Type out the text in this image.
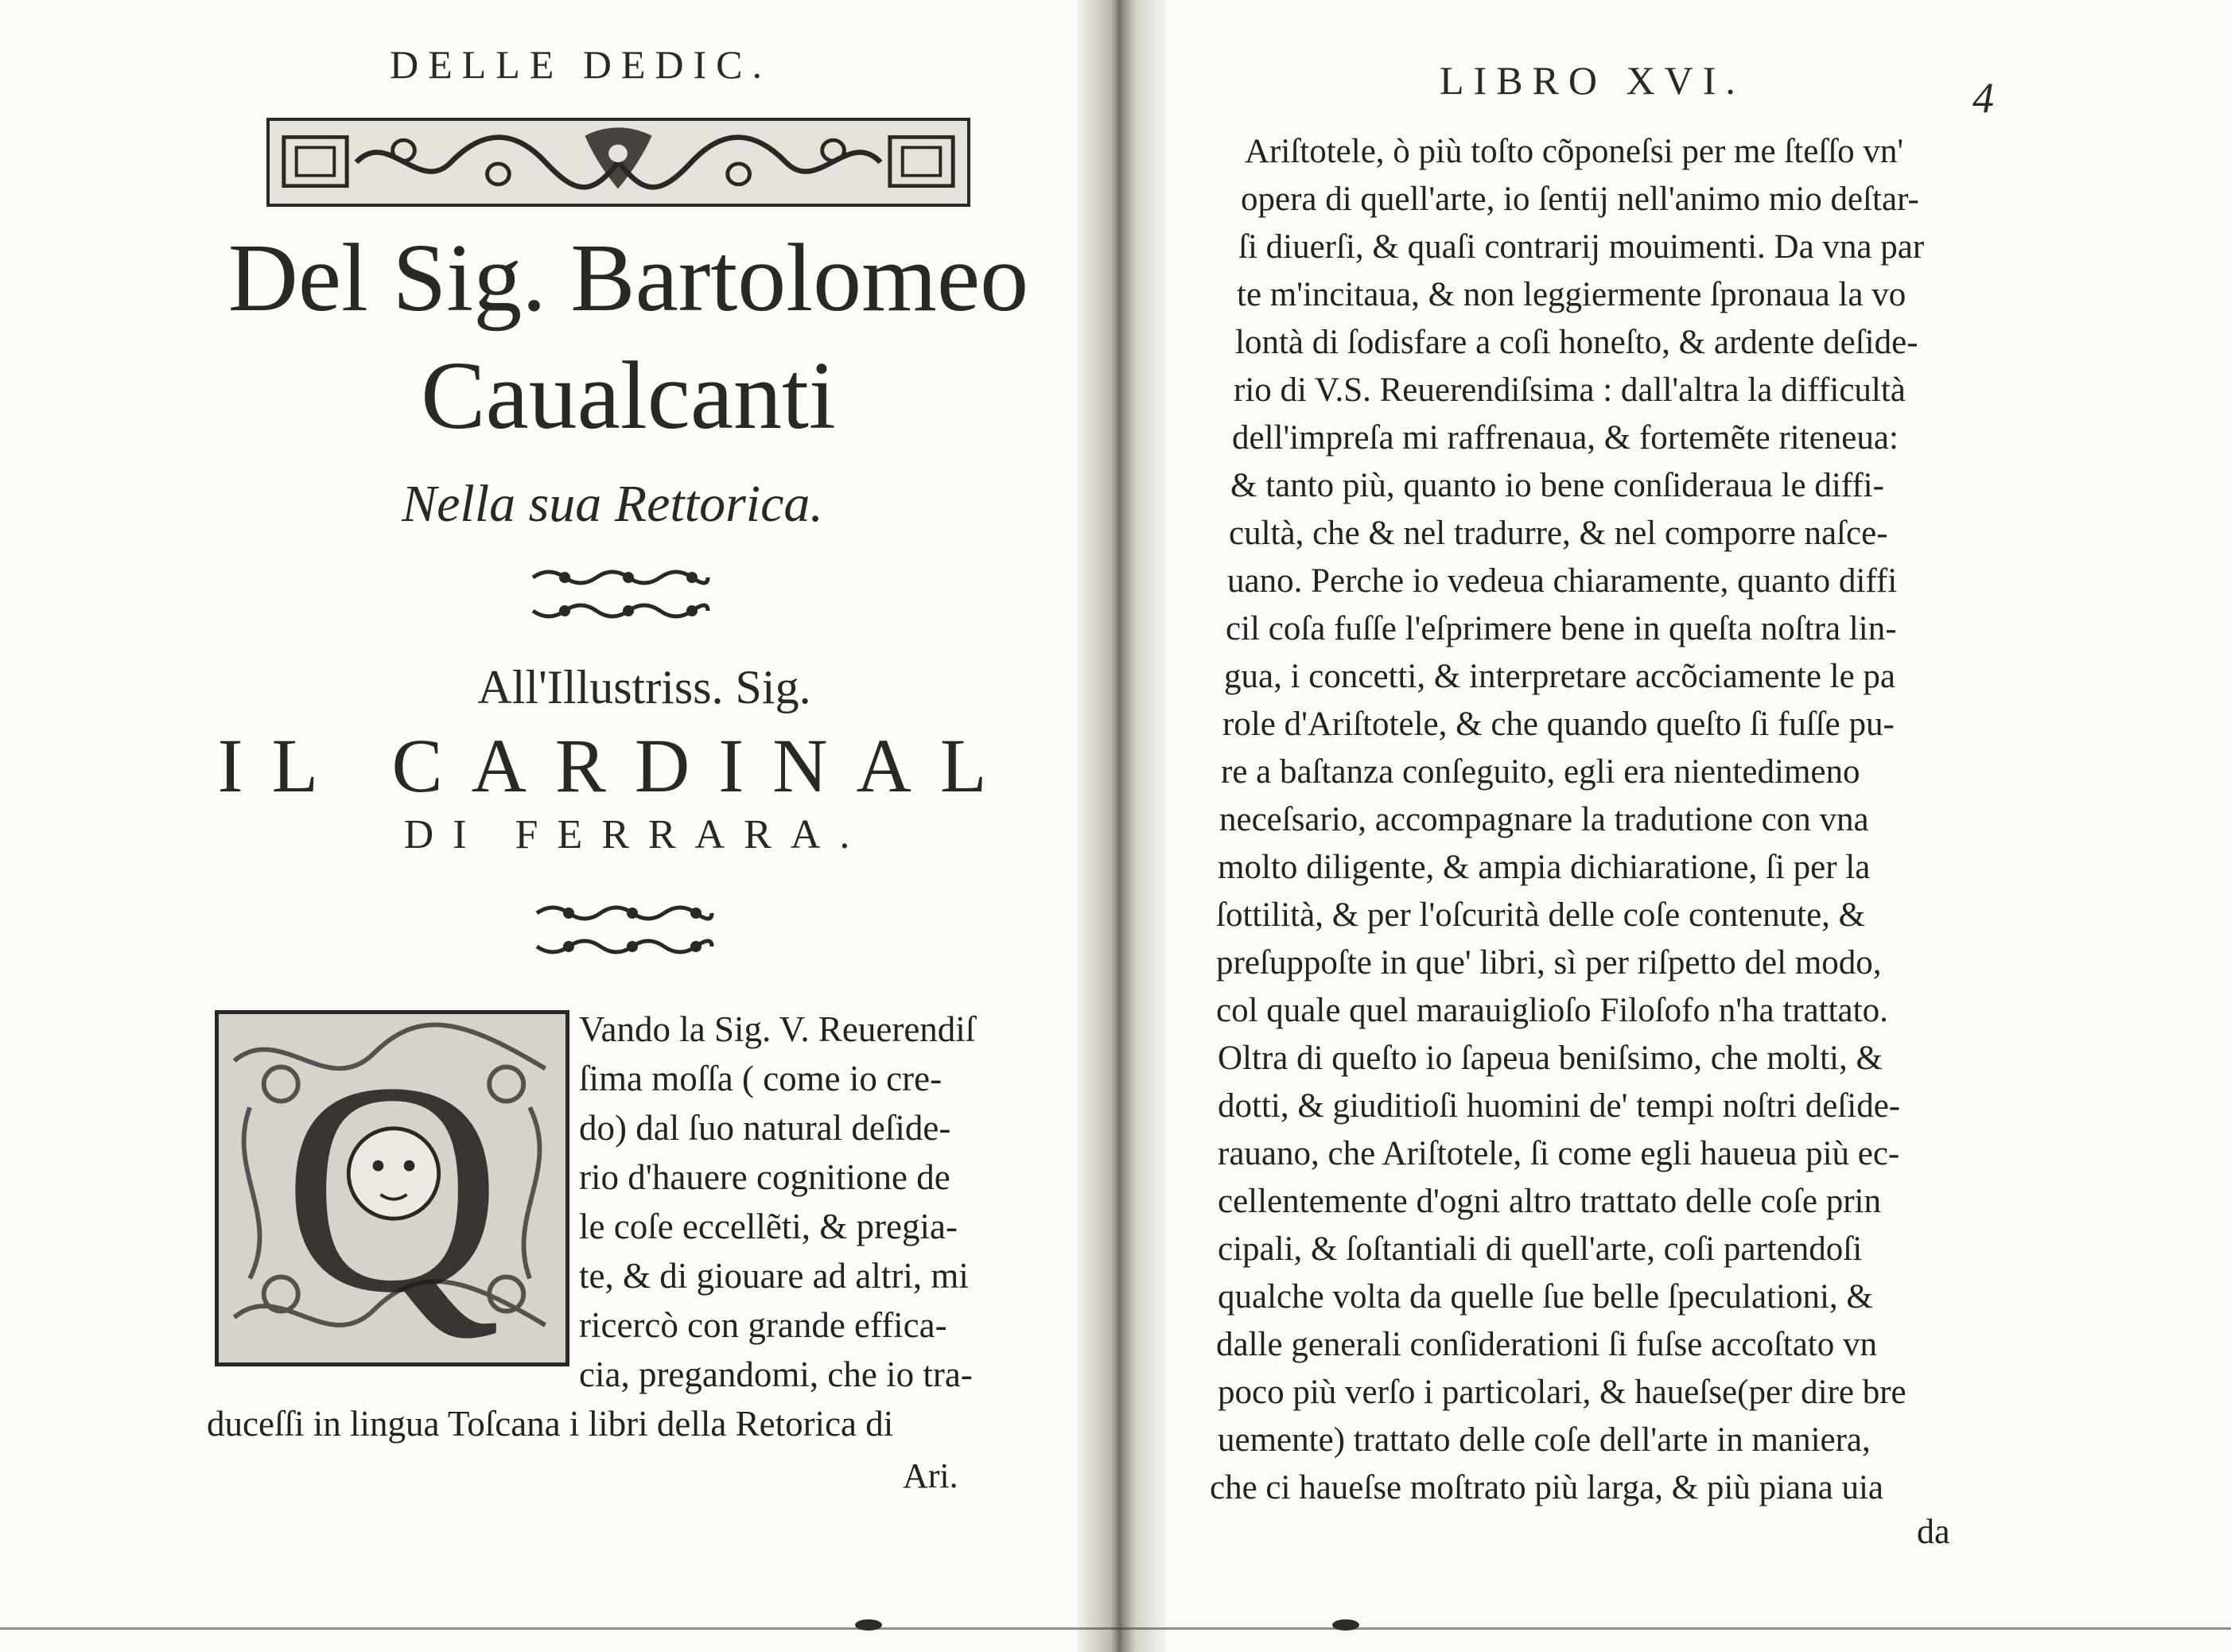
DELLE DEDIC.
Del Sig. Bartolomeo
Caualcanti
Nella sua Rettorica.
All'Illustriss. Sig.
IL CARDINAL
DI FERRARA.
Q	Vando la Sig. V. Reuerendiſ
ſima moſſa ( come io cre-
do) dal ſuo natural deſide-
rio d'hauere cognitione de
le coſe eccellẽti, & pregia-
te, & di giouare ad altri, mi
ricercò con grande effica-
cia, pregandomi, che io tra-
duceſſi in lingua Toſcana i libri della Retorica di
Ari.
LIBRO XVI.	4
Ariſtotele, ò più toſto cõponeſsi per me ſteſſo vn'
opera di quell'arte, io ſentij nell'animo mio deſtar-
ſi diuerſi, & quaſi contrarij mouimenti. Da vna par
te m'incitaua, & non leggiermente ſpronaua la vo
lontà di ſodisfare a coſi honeſto, & ardente deſide-
rio di V.S. Reuerendiſsima : dall'altra la difficultà
dell'impreſa mi raffrenaua, & fortemẽte riteneua:
& tanto più, quanto io bene conſideraua le diffi-
cultà, che & nel tradurre, & nel comporre naſce-
uano. Perche io vedeua chiaramente, quanto diffi
cil coſa fuſſe l'eſprimere bene in queſta noſtra lin-
gua, i concetti, & interpretare accõciamente le pa
role d'Ariſtotele, & che quando queſto ſi fuſſe pu-
re a baſtanza conſeguito, egli era nientedimeno
neceſsario, accompagnare la tradutione con vna
molto diligente, & ampia dichiaratione, ſi per la
ſottilità, & per l'oſcurità delle coſe contenute, &
preſuppoſte in que' libri, sì per riſpetto del modo,
col quale quel marauiglioſo Filoſofo n'ha trattato.
Oltra di queſto io ſapeua beniſsimo, che molti, &
dotti, & giuditioſi huomini de' tempi noſtri deſide-
rauano, che Ariſtotele, ſi come egli haueua più ec-
cellentemente d'ogni altro trattato delle coſe prin
cipali, & ſoſtantiali di quell'arte, coſi partendoſi
qualche volta da quelle ſue belle ſpeculationi, &
dalle generali conſiderationi ſi fuſse accoſtato vn
poco più verſo i particolari, & haueſse(per dire bre
uemente) trattato delle coſe dell'arte in maniera,
che ci haueſse moſtrato più larga, & più piana uia
da
